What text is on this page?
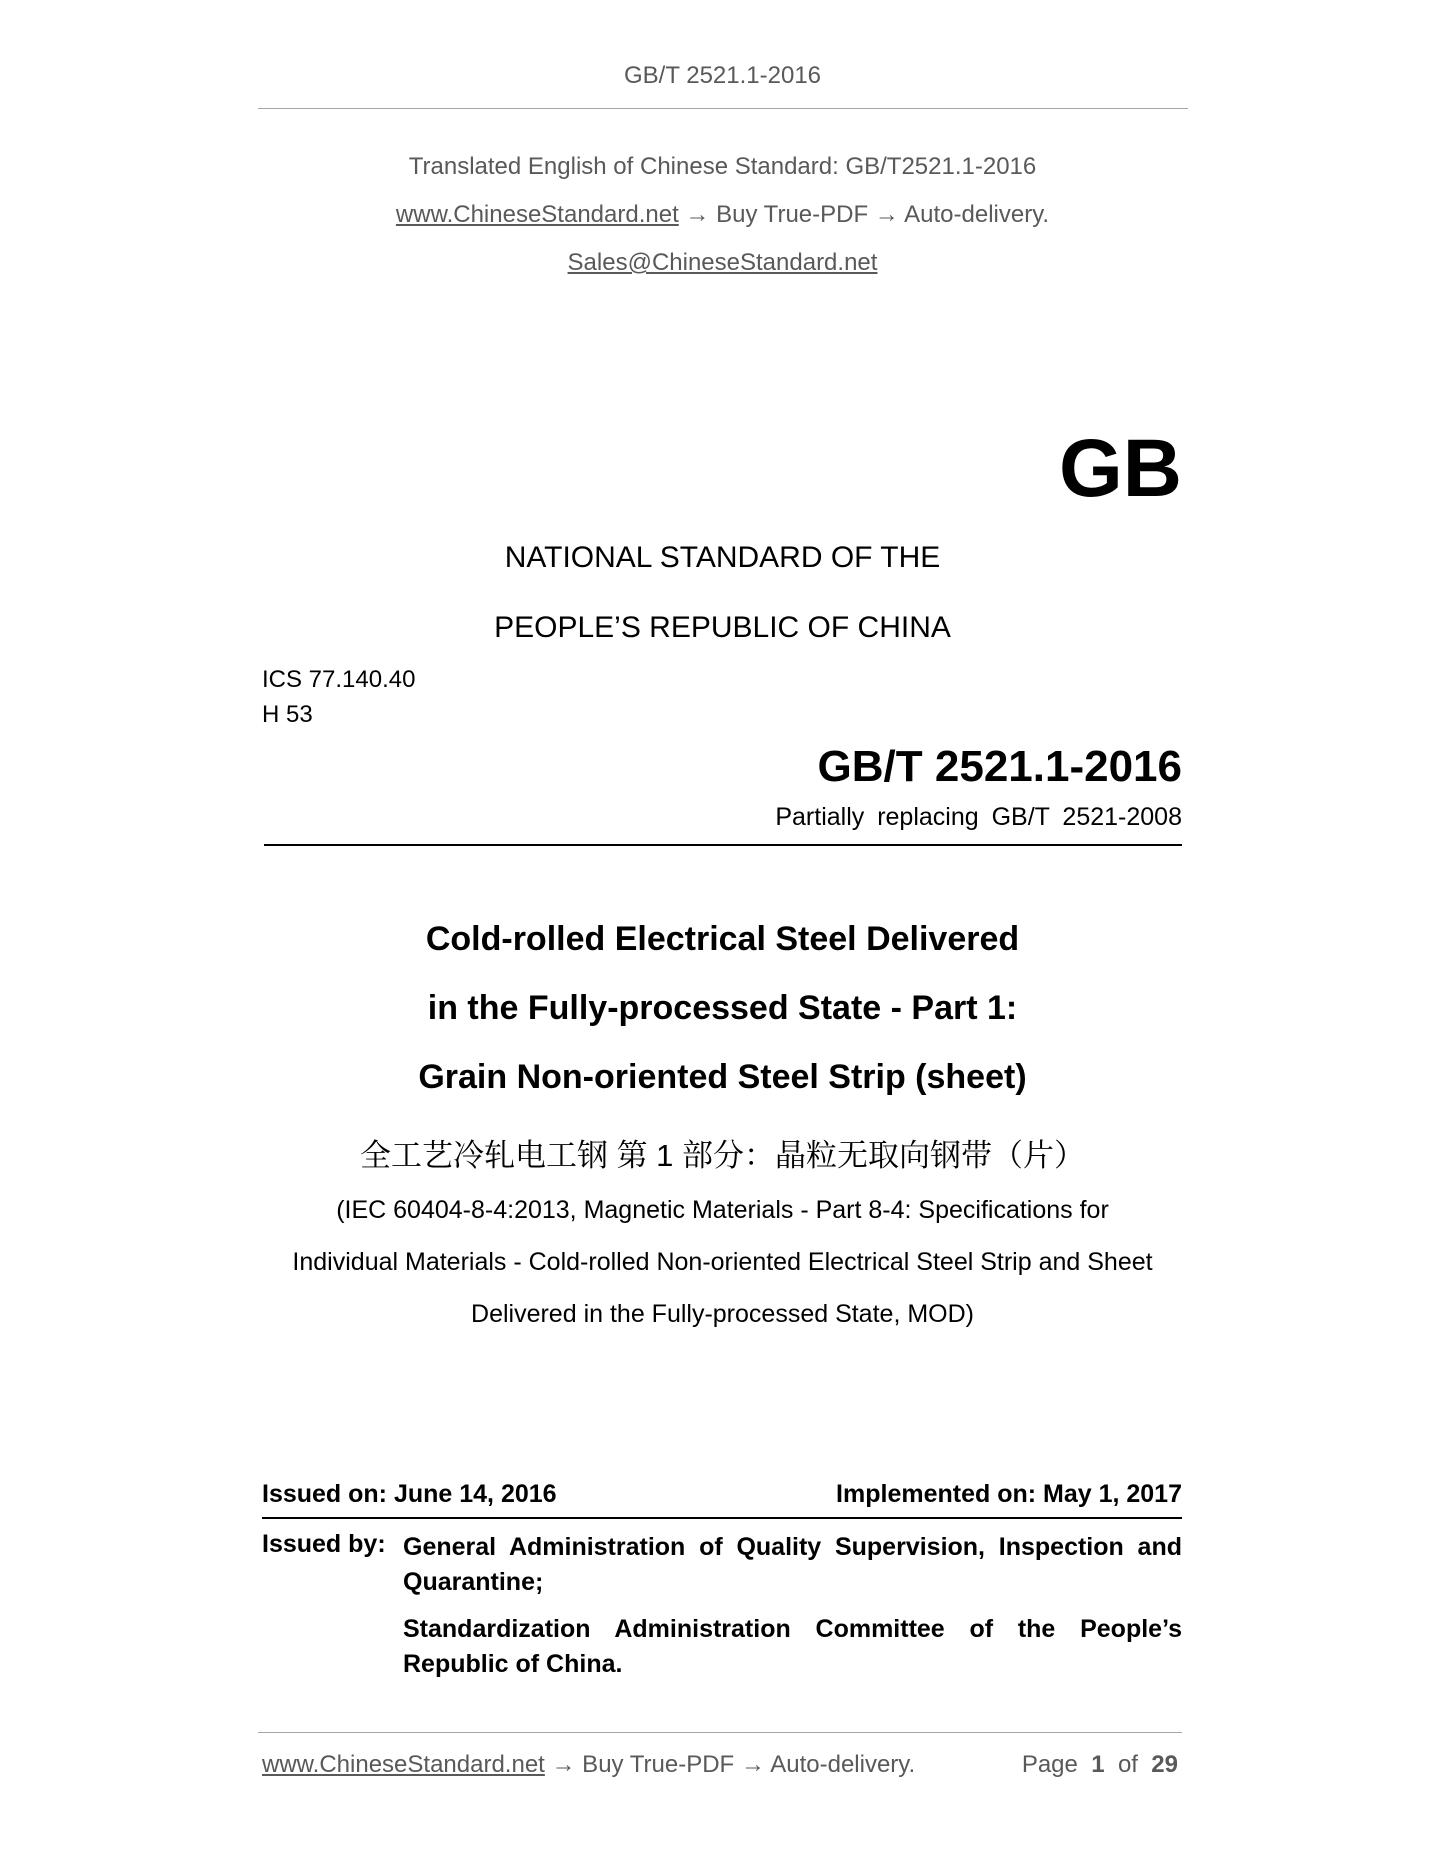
GB/T 2521.1-2016
Translated English of Chinese Standard: GB/T2521.1-2016
www.ChineseStandard.net → Buy True-PDF → Auto-delivery.
Sales@ChineseStandard.net
GB
NATIONAL STANDARD OF THE
PEOPLE’S REPUBLIC OF CHINA
ICS 77.140.40
H 53
GB/T 2521.1-2016
Partially replacing GB/T 2521-2008
Cold-rolled Electrical Steel Delivered
in the Fully-processed State - Part 1:
Grain Non-oriented Steel Strip (sheet)
全工艺冷轧电工钢 第 1 部分：晶粒无取向钢带（片）
(IEC 60404-8-4:2013, Magnetic Materials - Part 8-4: Specifications for
Individual Materials - Cold-rolled Non-oriented Electrical Steel Strip and Sheet
Delivered in the Fully-processed State, MOD)
Issued on: June 14, 2016	Implemented on: May 1, 2017
Issued by: General Administration of Quality Supervision, Inspection and Quarantine;
Standardization Administration Committee of the People’s Republic of China.
www.ChineseStandard.net → Buy True-PDF → Auto-delivery.	Page 1 of 29
